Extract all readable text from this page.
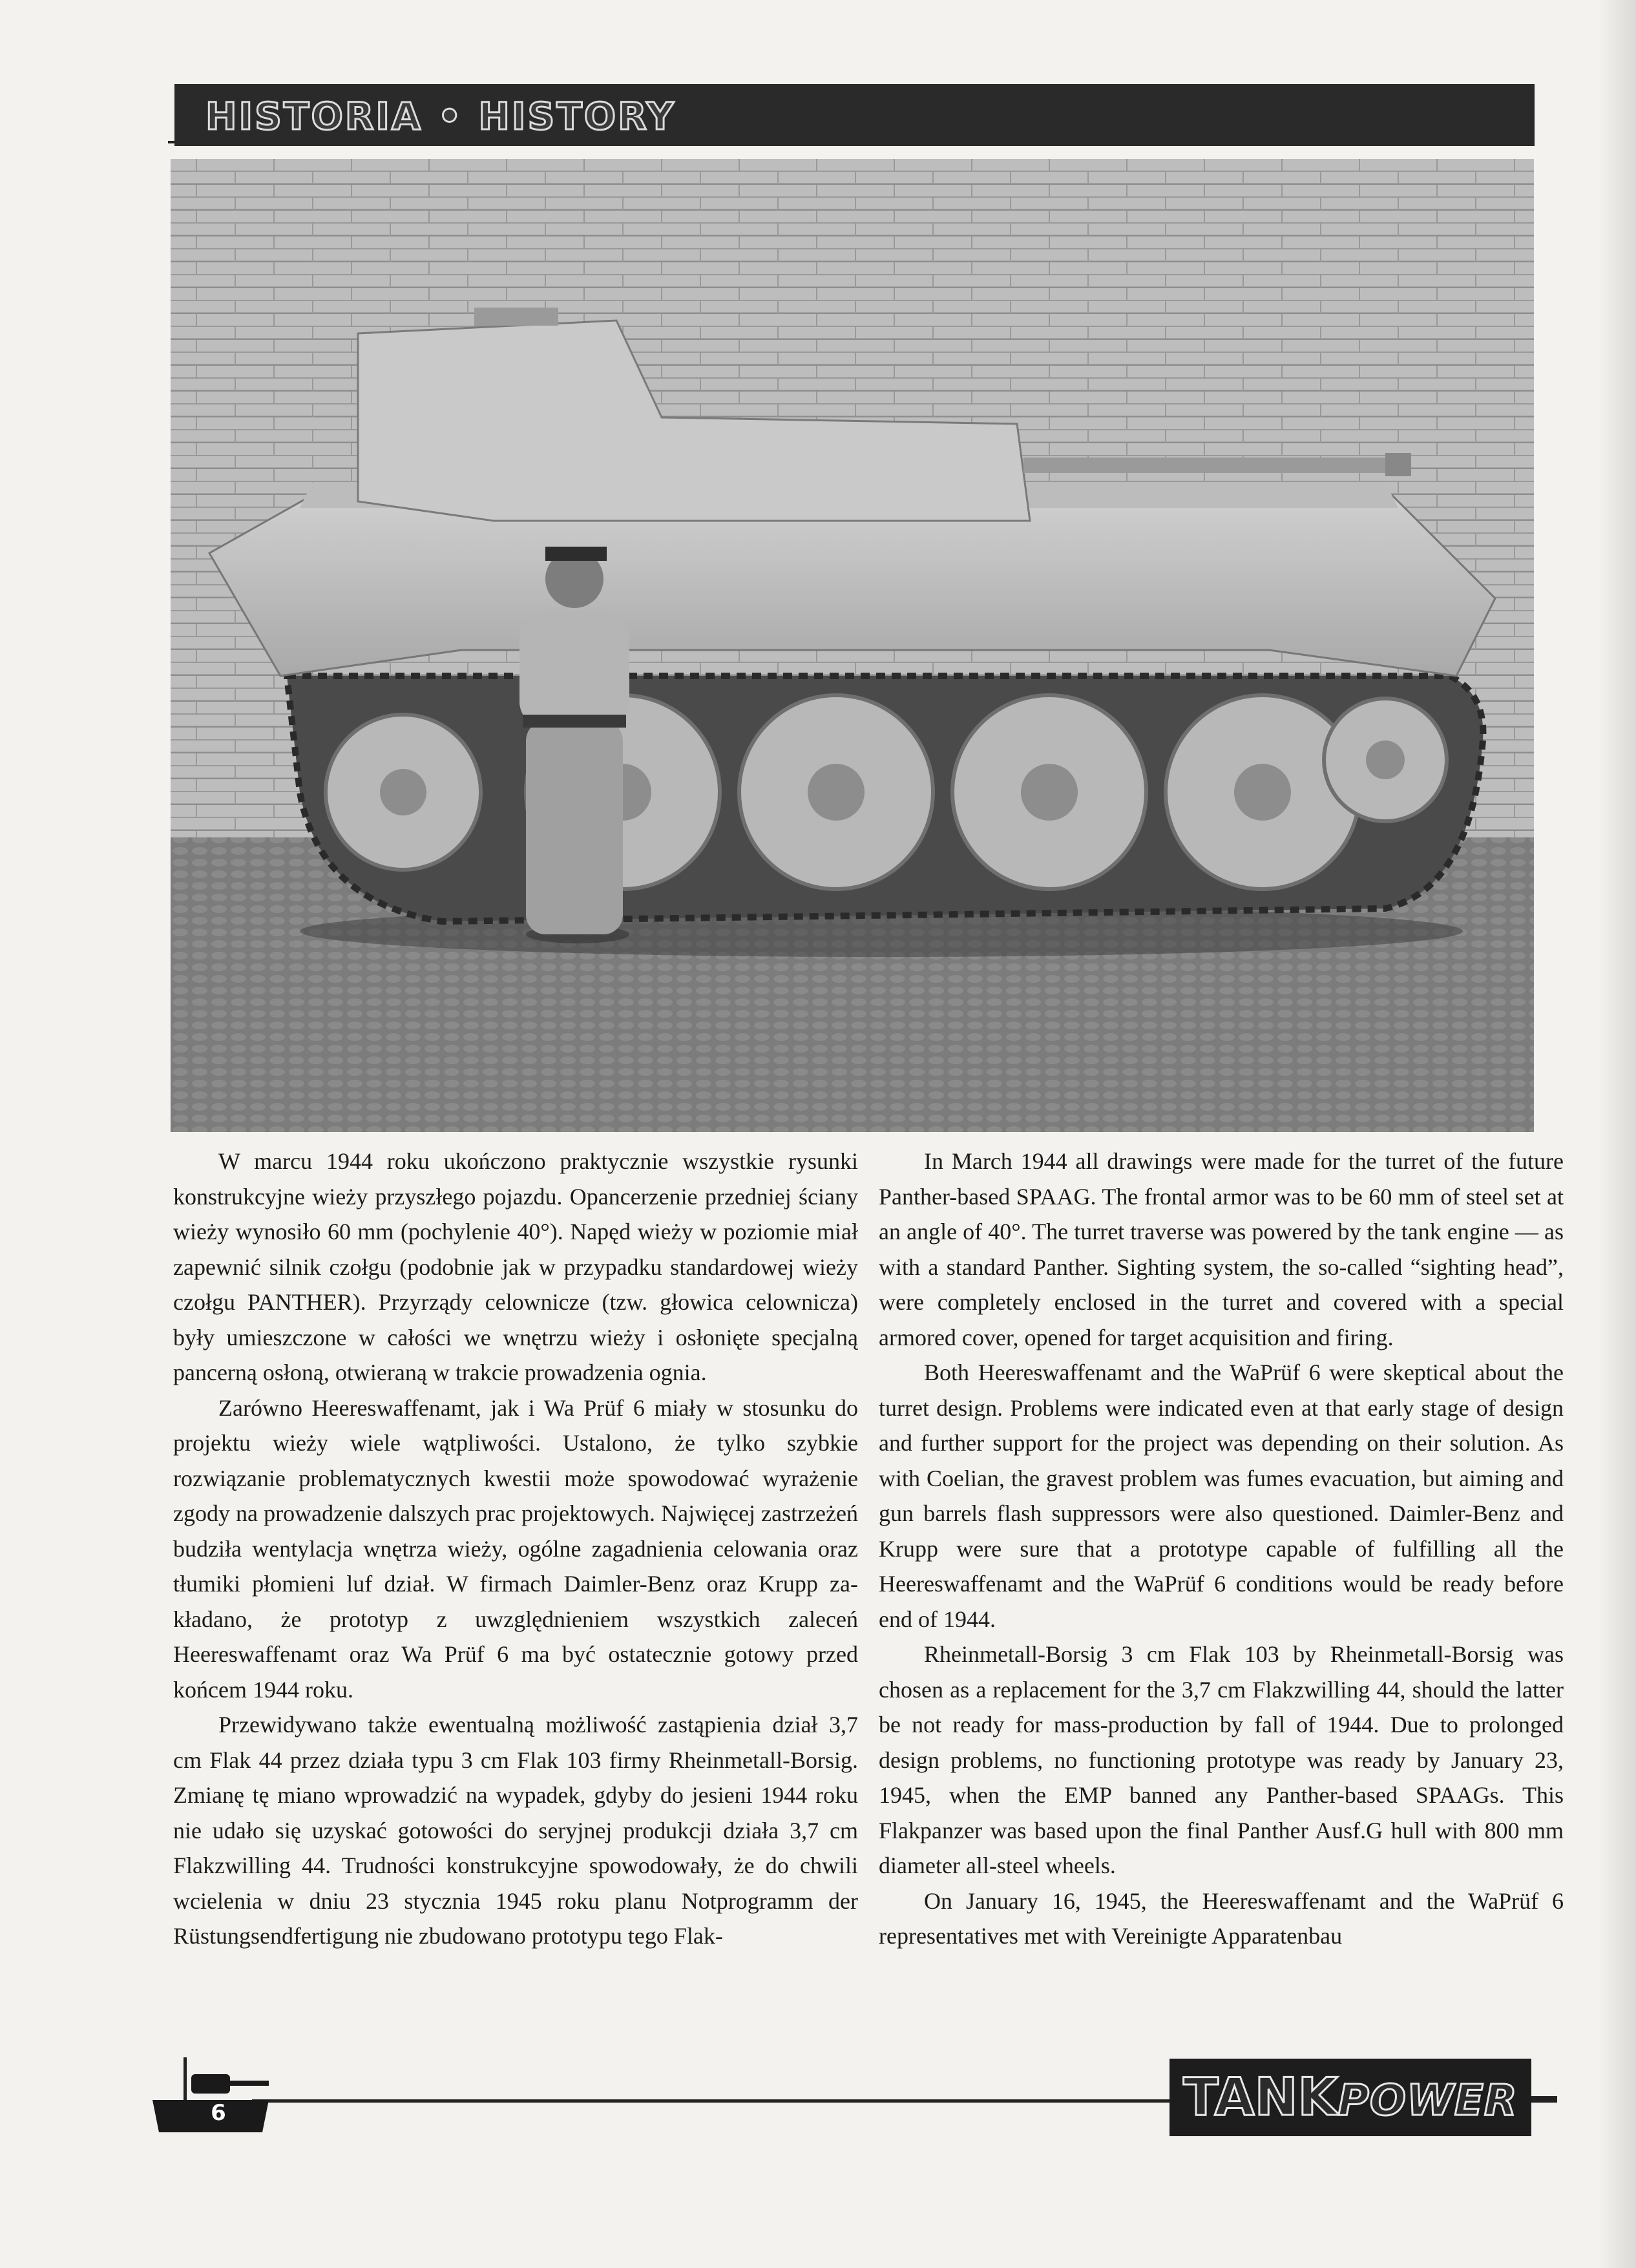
HISTORIA • HISTORY

W marcu 1944 roku ukończono praktycznie wszystkie rysunki konstrukcyjne wieży przyszłego pojazdu. Opancerzenie przedniej ściany wieży wynosiło 60 mm (pochylenie 40°). Napęd wieży w poziomie miał zapewnić silnik czołgu (podobnie jak w przypadku standardowej wieży czołgu PANTHER). Przyrządy celownicze (tzw. głowica celownicza) były umieszczone w całości we wnętrzu wieży i osłonięte specjalną pancerną osłoną, otwieraną w trakcie prowadzenia ognia.

Zarówno Heereswaffenamt, jak i Wa Prüf 6 miały w stosunku do projektu wieży wiele wątpliwości. Ustalono, że tylko szybkie rozwiązanie problematycznych kwestii może spowodować wyrażenie zgody na prowadzenie dalszych prac projektowych. Najwięcej zastrzeżeń budziła wentylacja wnętrza wieży, ogólne zagadnienia celowania oraz tłumiki płomieni luf dział. W firmach Daimler-Benz oraz Krupp zakładano, że prototyp z uwzględnieniem wszystkich zaleceń Heereswaffenamt oraz Wa Prüf 6 ma być ostatecznie gotowy przed końcem 1944 roku.

Przewidywano także ewentualną możliwość zastąpienia dział 3,7 cm Flak 44 przez działa typu 3 cm Flak 103 firmy Rheinmetall-Borsig. Zmianę tę miano wprowadzić na wypadek, gdyby do jesieni 1944 roku nie udało się uzyskać gotowości do seryjnej produkcji działa 3,7 cm Flakzwilling 44. Trudności konstrukcyjne spowodowały, że do chwili wcielenia w dniu 23 stycznia 1945 roku planu Notprogramm der Rüstungsendfertigung nie zbudowano prototypu tego Flak-

In March 1944 all drawings were made for the turret of the future Panther-based SPAAG. The frontal armor was to be 60 mm of steel set at an angle of 40°. The turret traverse was powered by the tank engine — as with a standard Panther. Sighting system, the so-called “sighting head”, were completely enclosed in the turret and covered with a special armored cover, opened for target acquisition and firing.

Both Heereswaffenamt and the WaPrüf 6 were skeptical about the turret design. Problems were indicated even at that early stage of design and further support for the project was depending on their solution. As with Coelian, the gravest problem was fumes evacuation, but aiming and gun barrels flash suppressors were also questioned. Daimler-Benz and Krupp were sure that a prototype capable of fulfilling all the Heereswaffenamt and the WaPrüf 6 conditions would be ready before end of 1944.

Rheinmetall-Borsig 3 cm Flak 103 by Rheinmetall-Borsig was chosen as a replacement for the 3,7 cm Flakzwilling 44, should the latter be not ready for mass-production by fall of 1944. Due to prolonged design problems, no functioning prototype was ready by January 23, 1945, when the EMP banned any Panther-based SPAAGs. This Flakpanzer was based upon the final Panther Ausf.G hull with 800 mm diameter all-steel wheels.

On January 16, 1945, the Heereswaffenamt and the WaPrüf 6 representatives met with Vereinigte Apparatenbau

6	TANKPOWER
